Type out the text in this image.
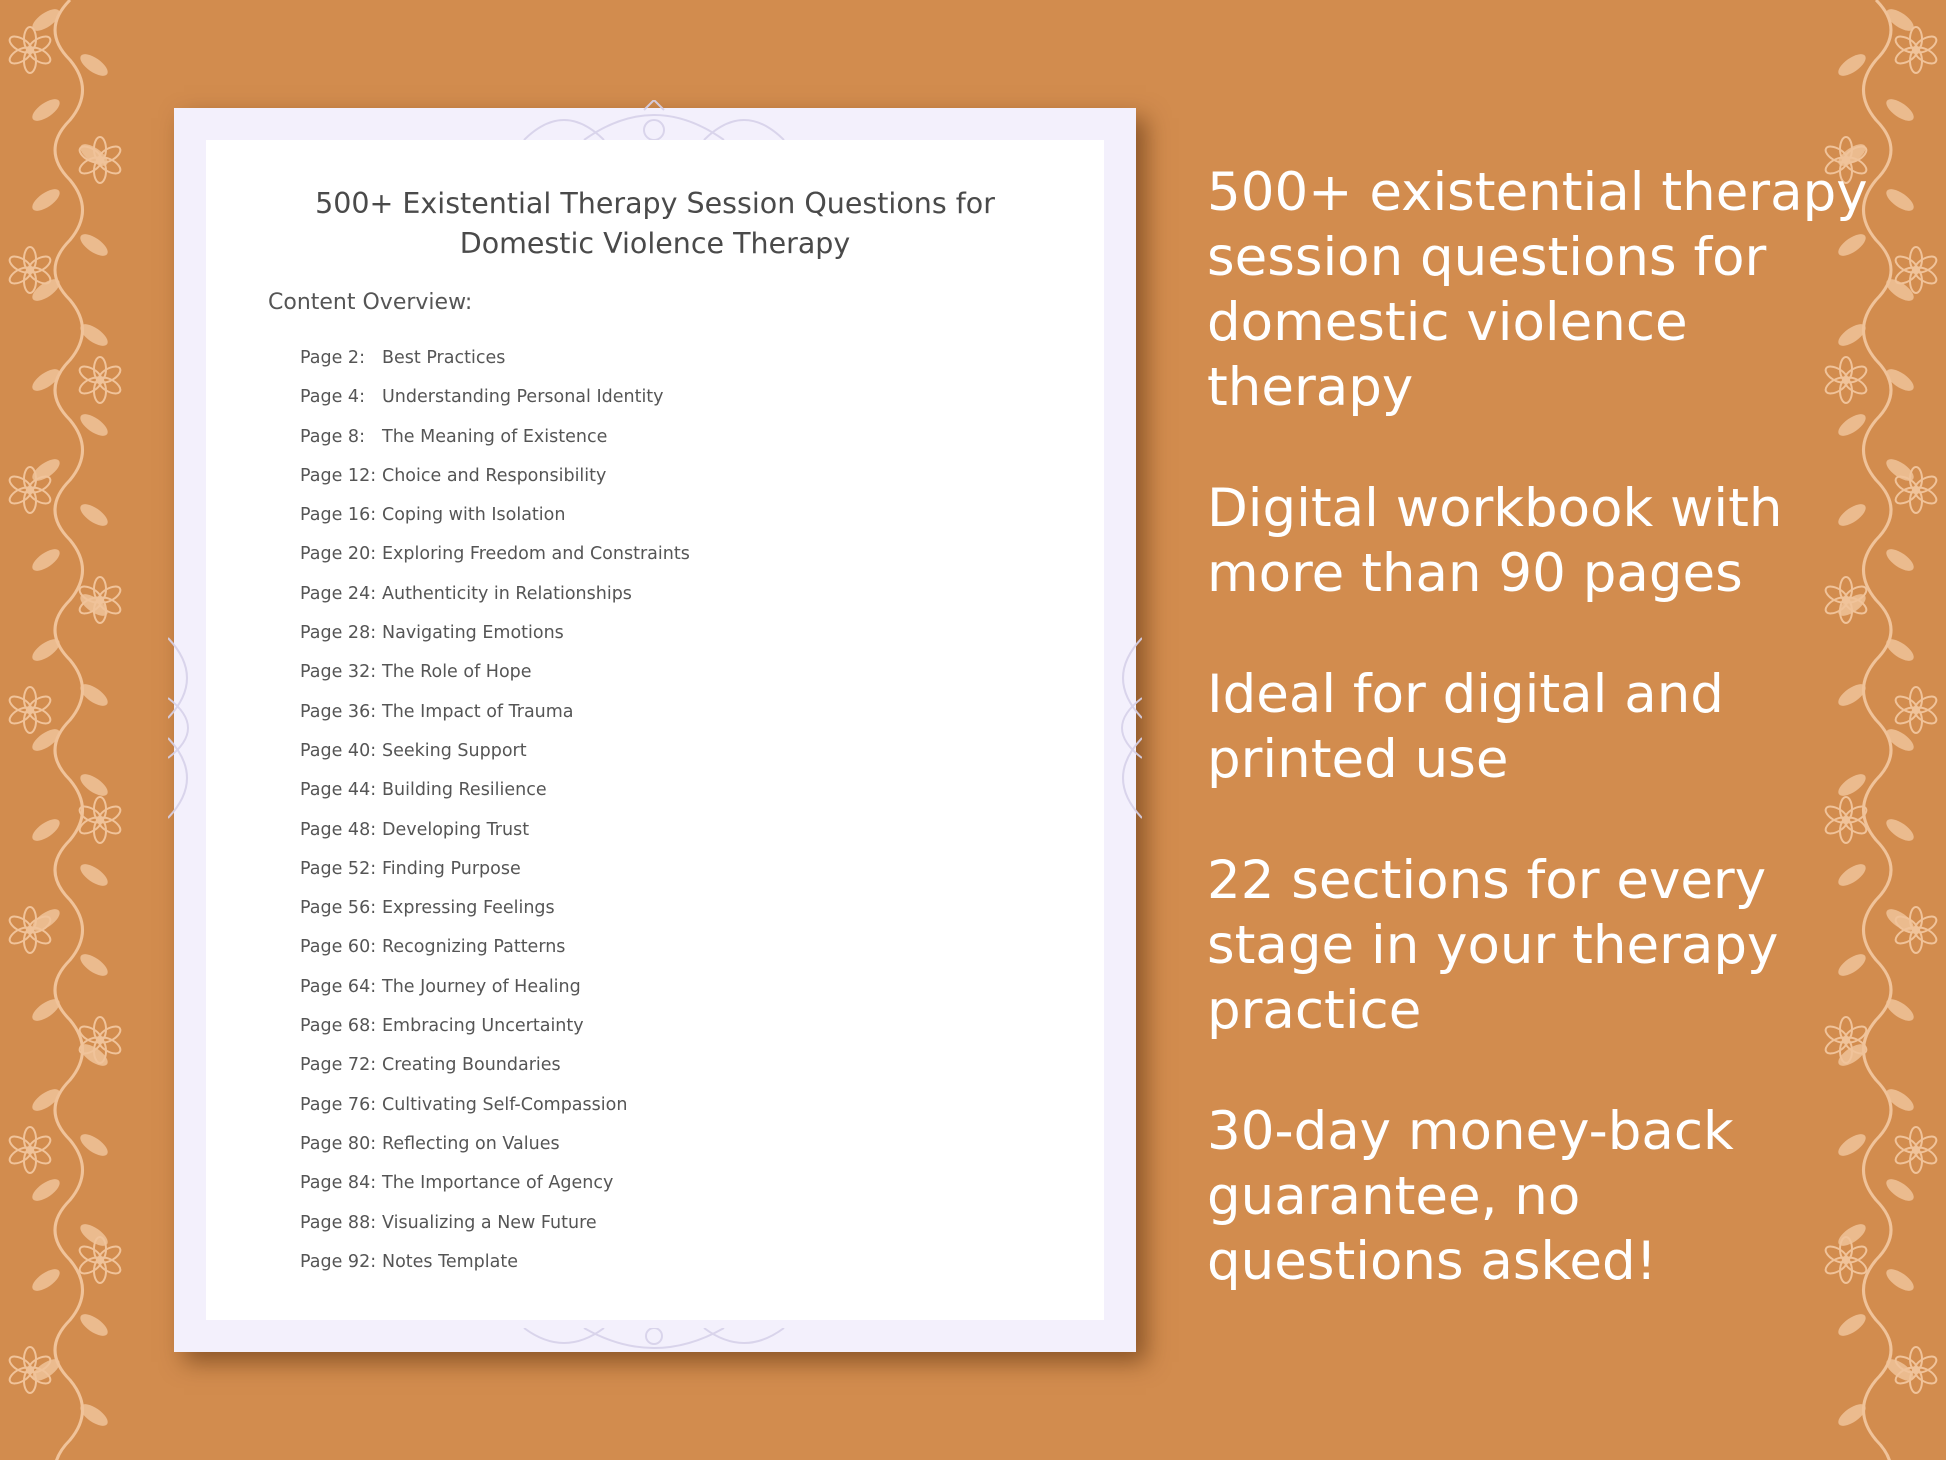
500+ Existential Therapy Session Questions for
Domestic Violence Therapy
Content Overview:
Page 2: Best Practices
Page 4: Understanding Personal Identity
Page 8: The Meaning of Existence
Page 12: Choice and Responsibility
Page 16: Coping with Isolation
Page 20: Exploring Freedom and Constraints
Page 24: Authenticity in Relationships
Page 28: Navigating Emotions
Page 32: The Role of Hope
Page 36: The Impact of Trauma
Page 40: Seeking Support
Page 44: Building Resilience
Page 48: Developing Trust
Page 52: Finding Purpose
Page 56: Expressing Feelings
Page 60: Recognizing Patterns
Page 64: The Journey of Healing
Page 68: Embracing Uncertainty
Page 72: Creating Boundaries
Page 76: Cultivating Self-Compassion
Page 80: Reflecting on Values
Page 84: The Importance of Agency
Page 88: Visualizing a New Future
Page 92: Notes Template
500+ existential therapy
session questions for
domestic violence
therapy
Digital workbook with
more than 90 pages
Ideal for digital and
printed use
22 sections for every
stage in your therapy
practice
30-day money-back
guarantee, no
questions asked!
